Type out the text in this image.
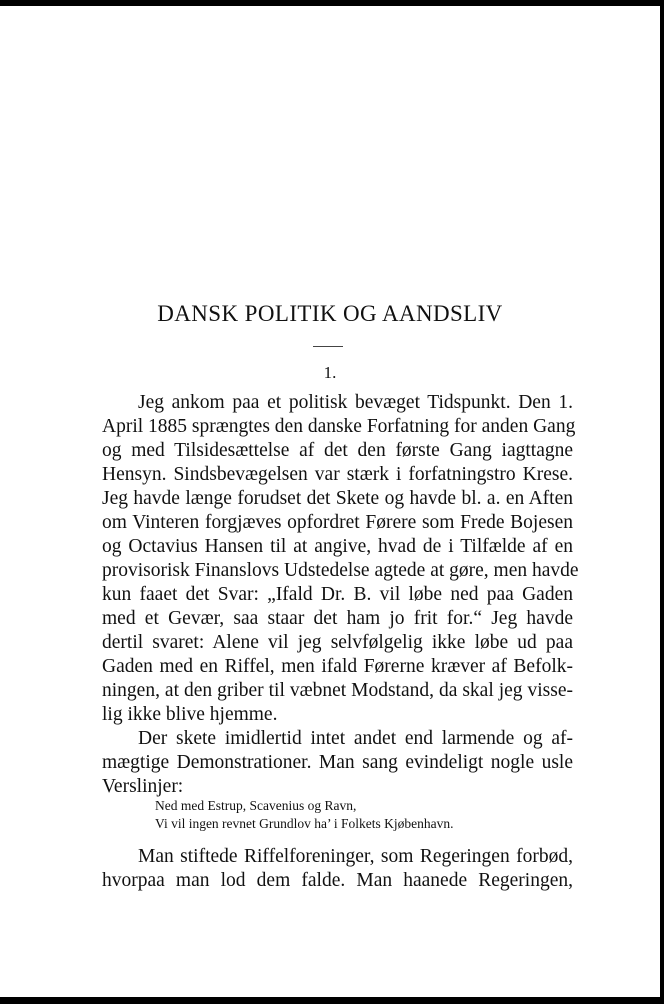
DANSK POLITIK OG AANDSLIV
1.
Jeg ankom paa et politisk bevæget Tidspunkt. Den 1.
April 1885 sprængtes den danske Forfatning for anden Gang
og med Tilsidesættelse af det den første Gang iagttagne
Hensyn. Sindsbevægelsen var stærk i forfatningstro Krese.
Jeg havde længe forudset det Skete og havde bl. a. en Aften
om Vinteren forgjæves opfordret Førere som Frede Bojesen
og Octavius Hansen til at angive, hvad de i Tilfælde af en
provisorisk Finanslovs Udstedelse agtede at gøre, men havde
kun faaet det Svar: „Ifald Dr. B. vil løbe ned paa Gaden
med et Gevær, saa staar det ham jo frit for.“ Jeg havde
dertil svaret: Alene vil jeg selvfølgelig ikke løbe ud paa
Gaden med en Riffel, men ifald Førerne kræver af Befolk-
ningen, at den griber til væbnet Modstand, da skal jeg visse-
lig ikke blive hjemme.
Der skete imidlertid intet andet end larmende og af-
mægtige Demonstrationer. Man sang evindeligt nogle usle
Verslinjer:
Ned med Estrup, Scavenius og Ravn,
Vi vil ingen revnet Grundlov ha’ i Folkets Kjøbenhavn.
Man stiftede Riffelforeninger, som Regeringen forbød,
hvorpaa man lod dem falde. Man haanede Regeringen,
